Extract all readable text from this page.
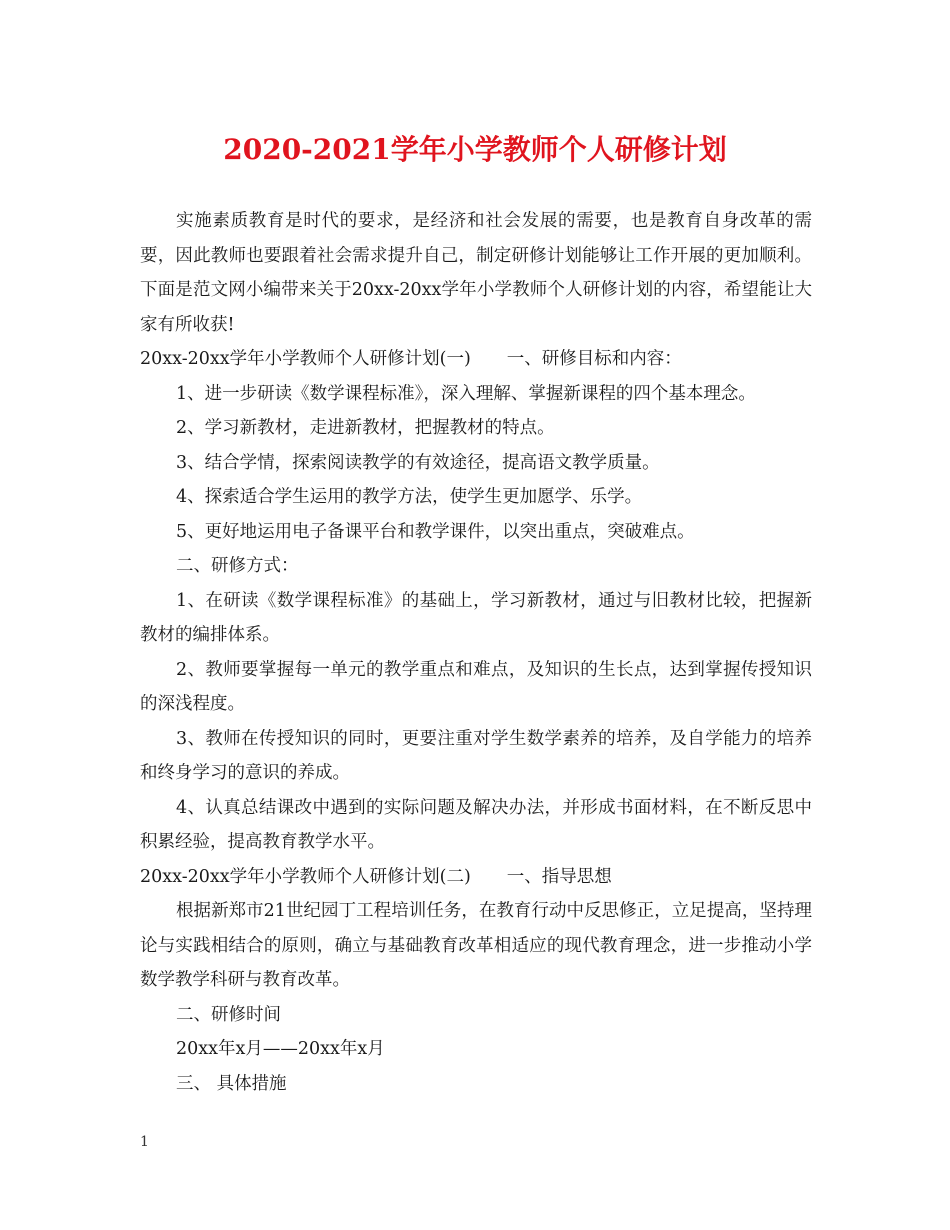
2020-2021学年小学教师个人研修计划

实施素质教育是时代的要求，是经济和社会发展的需要，也是教育自身改革的需要，因此教师也要跟着社会需求提升自己，制定研修计划能够让工作开展的更加顺利。下面是范文网小编带来关于20xx-20xx学年小学教师个人研修计划的内容，希望能让大家有所收获!

20xx-20xx学年小学教师个人研修计划(一) 一、研修目标和内容：

1、进一步研读《数学课程标准》，深入理解、掌握新课程的四个基本理念。

2、学习新教材，走进新教材，把握教材的特点。

3、结合学情，探索阅读教学的有效途径，提高语文教学质量。

4、探索适合学生运用的教学方法，使学生更加愿学、乐学。

5、更好地运用电子备课平台和教学课件，以突出重点，突破难点。

二、研修方式：

1、在研读《数学课程标准》的基础上，学习新教材，通过与旧教材比较，把握新教材的编排体系。

2、教师要掌握每一单元的教学重点和难点，及知识的生长点，达到掌握传授知识的深浅程度。

3、教师在传授知识的同时，更要注重对学生数学素养的培养，及自学能力的培养和终身学习的意识的养成。

4、认真总结课改中遇到的实际问题及解决办法，并形成书面材料，在不断反思中积累经验，提高教育教学水平。

20xx-20xx学年小学教师个人研修计划(二) 一、指导思想

根据新郑市21世纪园丁工程培训任务，在教育行动中反思修正，立足提高，坚持理论与实践相结合的原则，确立与基础教育改革相适应的现代教育理念，进一步推动小学数学教学科研与教育改革。

二、研修时间

20xx年x月——20xx年x月

三、 具体措施

1
